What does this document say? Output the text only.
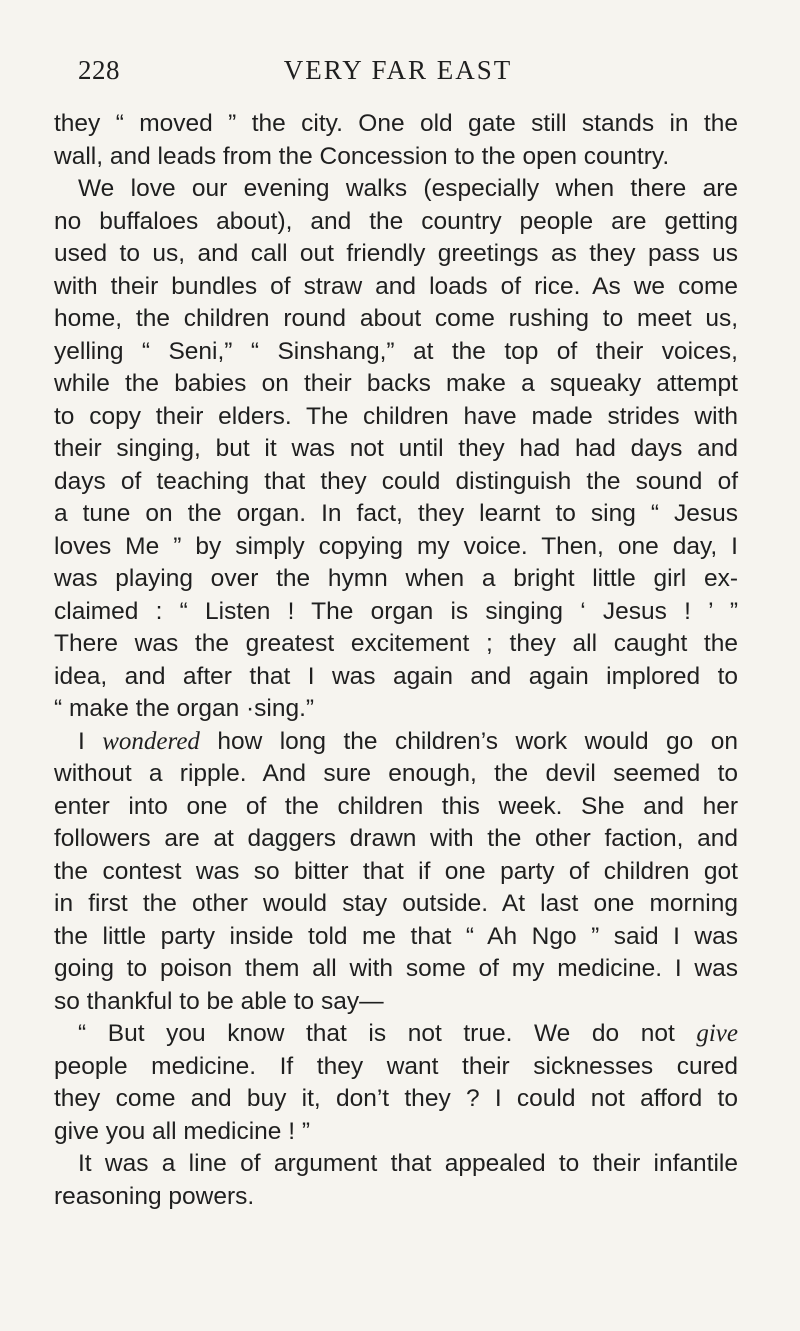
228	VERY FAR EAST
they “ moved ” the city. One old gate still stands in the
wall, and leads from the Concession to the open country.
We love our evening walks (especially when there are
no buffaloes about), and the country people are getting
used to us, and call out friendly greetings as they pass us
with their bundles of straw and loads of rice. As we come
home, the children round about come rushing to meet us,
yelling “ Seni,” “ Sinshang,” at the top of their voices,
while the babies on their backs make a squeaky attempt
to copy their elders. The children have made strides with
their singing, but it was not until they had had days and
days of teaching that they could distinguish the sound of
a tune on the organ. In fact, they learnt to sing “ Jesus
loves Me ” by simply copying my voice. Then, one day, I
was playing over the hymn when a bright little girl ex-
claimed : “ Listen ! The organ is singing ‘ Jesus ! ’ ”
There was the greatest excitement ; they all caught the
idea, and after that I was again and again implored to
“ make the organ ·sing.”
I wondered how long the children’s work would go on
without a ripple. And sure enough, the devil seemed to
enter into one of the children this week. She and her
followers are at daggers drawn with the other faction, and
the contest was so bitter that if one party of children got
in first the other would stay outside. At last one morning
the little party inside told me that “ Ah Ngo ” said I was
going to poison them all with some of my medicine. I was
so thankful to be able to say—
“ But you know that is not true. We do not give
people medicine. If they want their sicknesses cured
they come and buy it, don’t they ? I could not afford to
give you all medicine ! ”
It was a line of argument that appealed to their infantile
reasoning powers.
